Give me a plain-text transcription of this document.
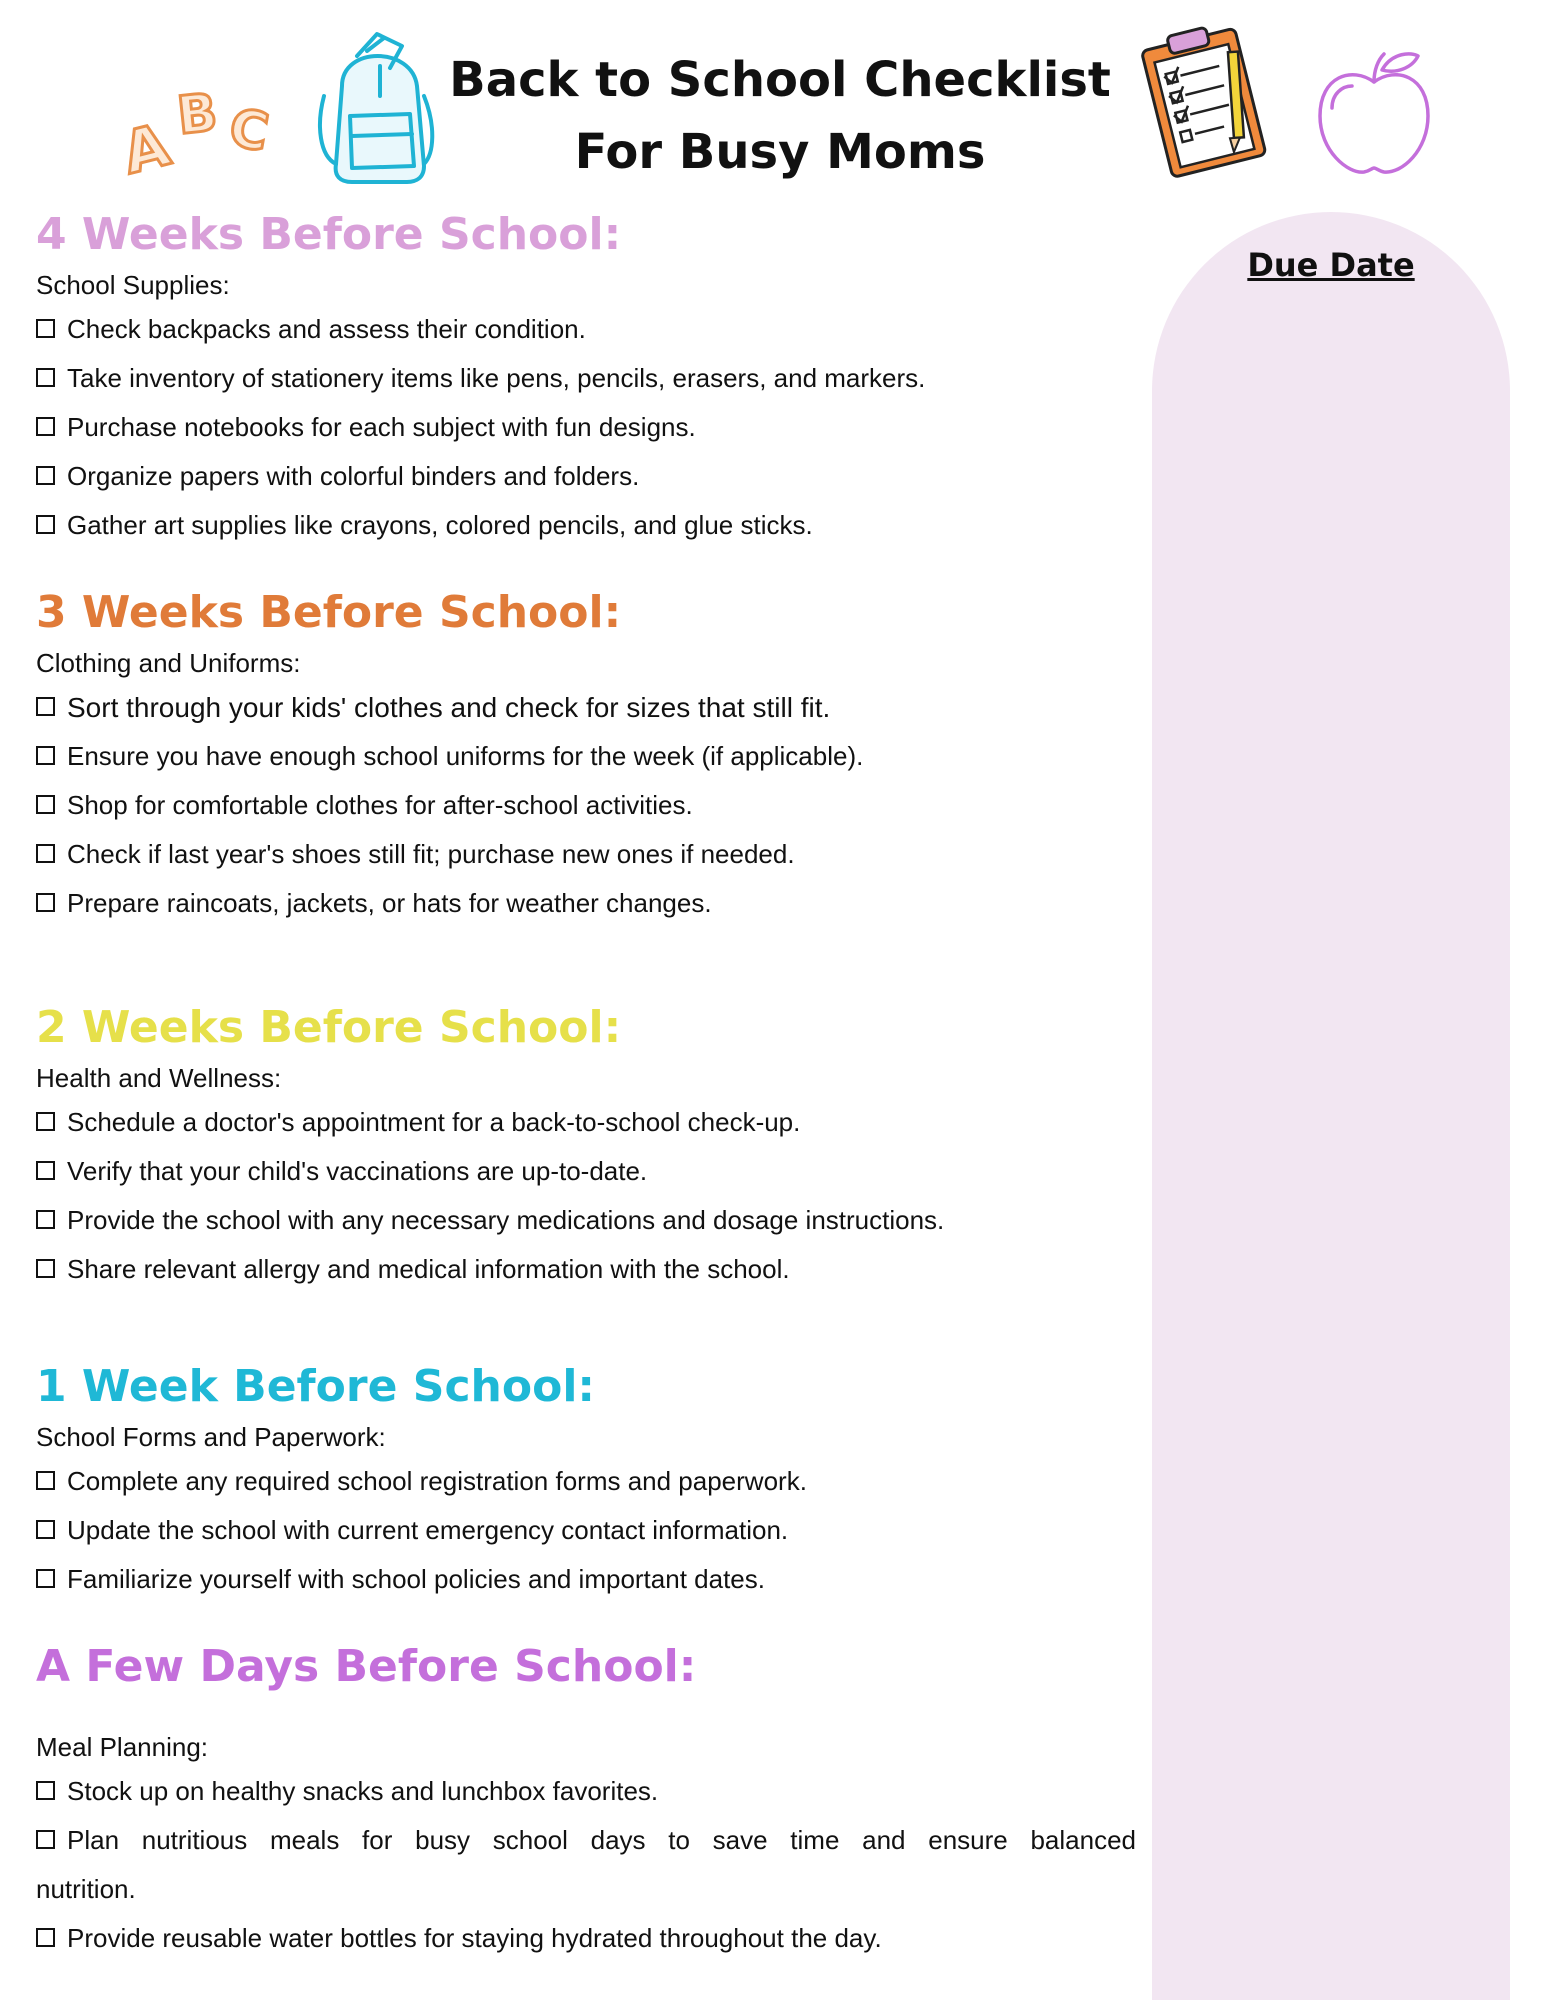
A
B C
Back to School Checklist
For Busy Moms
Due Date

4 Weeks Before School:

School Supplies:

Check backpacks and assess their condition.

Take inventory of stationery items like pens, pencils, erasers, and markers.

Purchase notebooks for each subject with fun designs.

Organize papers with colorful binders and folders.

Gather art supplies like crayons, colored pencils, and glue sticks.

3 Weeks Before School:

Clothing and Uniforms:

Sort through your kids' clothes and check for sizes that still fit.

Ensure you have enough school uniforms for the week (if applicable).

Shop for comfortable clothes for after-school activities.

Check if last year's shoes still fit; purchase new ones if needed.

Prepare raincoats, jackets, or hats for weather changes.

2 Weeks Before School:

Health and Wellness:

Schedule a doctor's appointment for a back-to-school check-up.

Verify that your child's vaccinations are up-to-date.

Provide the school with any necessary medications and dosage instructions.

Share relevant allergy and medical information with the school.

1 Week Before School:

School Forms and Paperwork:

Complete any required school registration forms and paperwork.

Update the school with current emergency contact information.

Familiarize yourself with school policies and important dates.

A Few Days Before School:

Meal Planning:

Stock up on healthy snacks and lunchbox favorites.

Plan nutritious meals for busy school days to save time and ensure balanced

nutrition.

Provide reusable water bottles for staying hydrated throughout the day.
